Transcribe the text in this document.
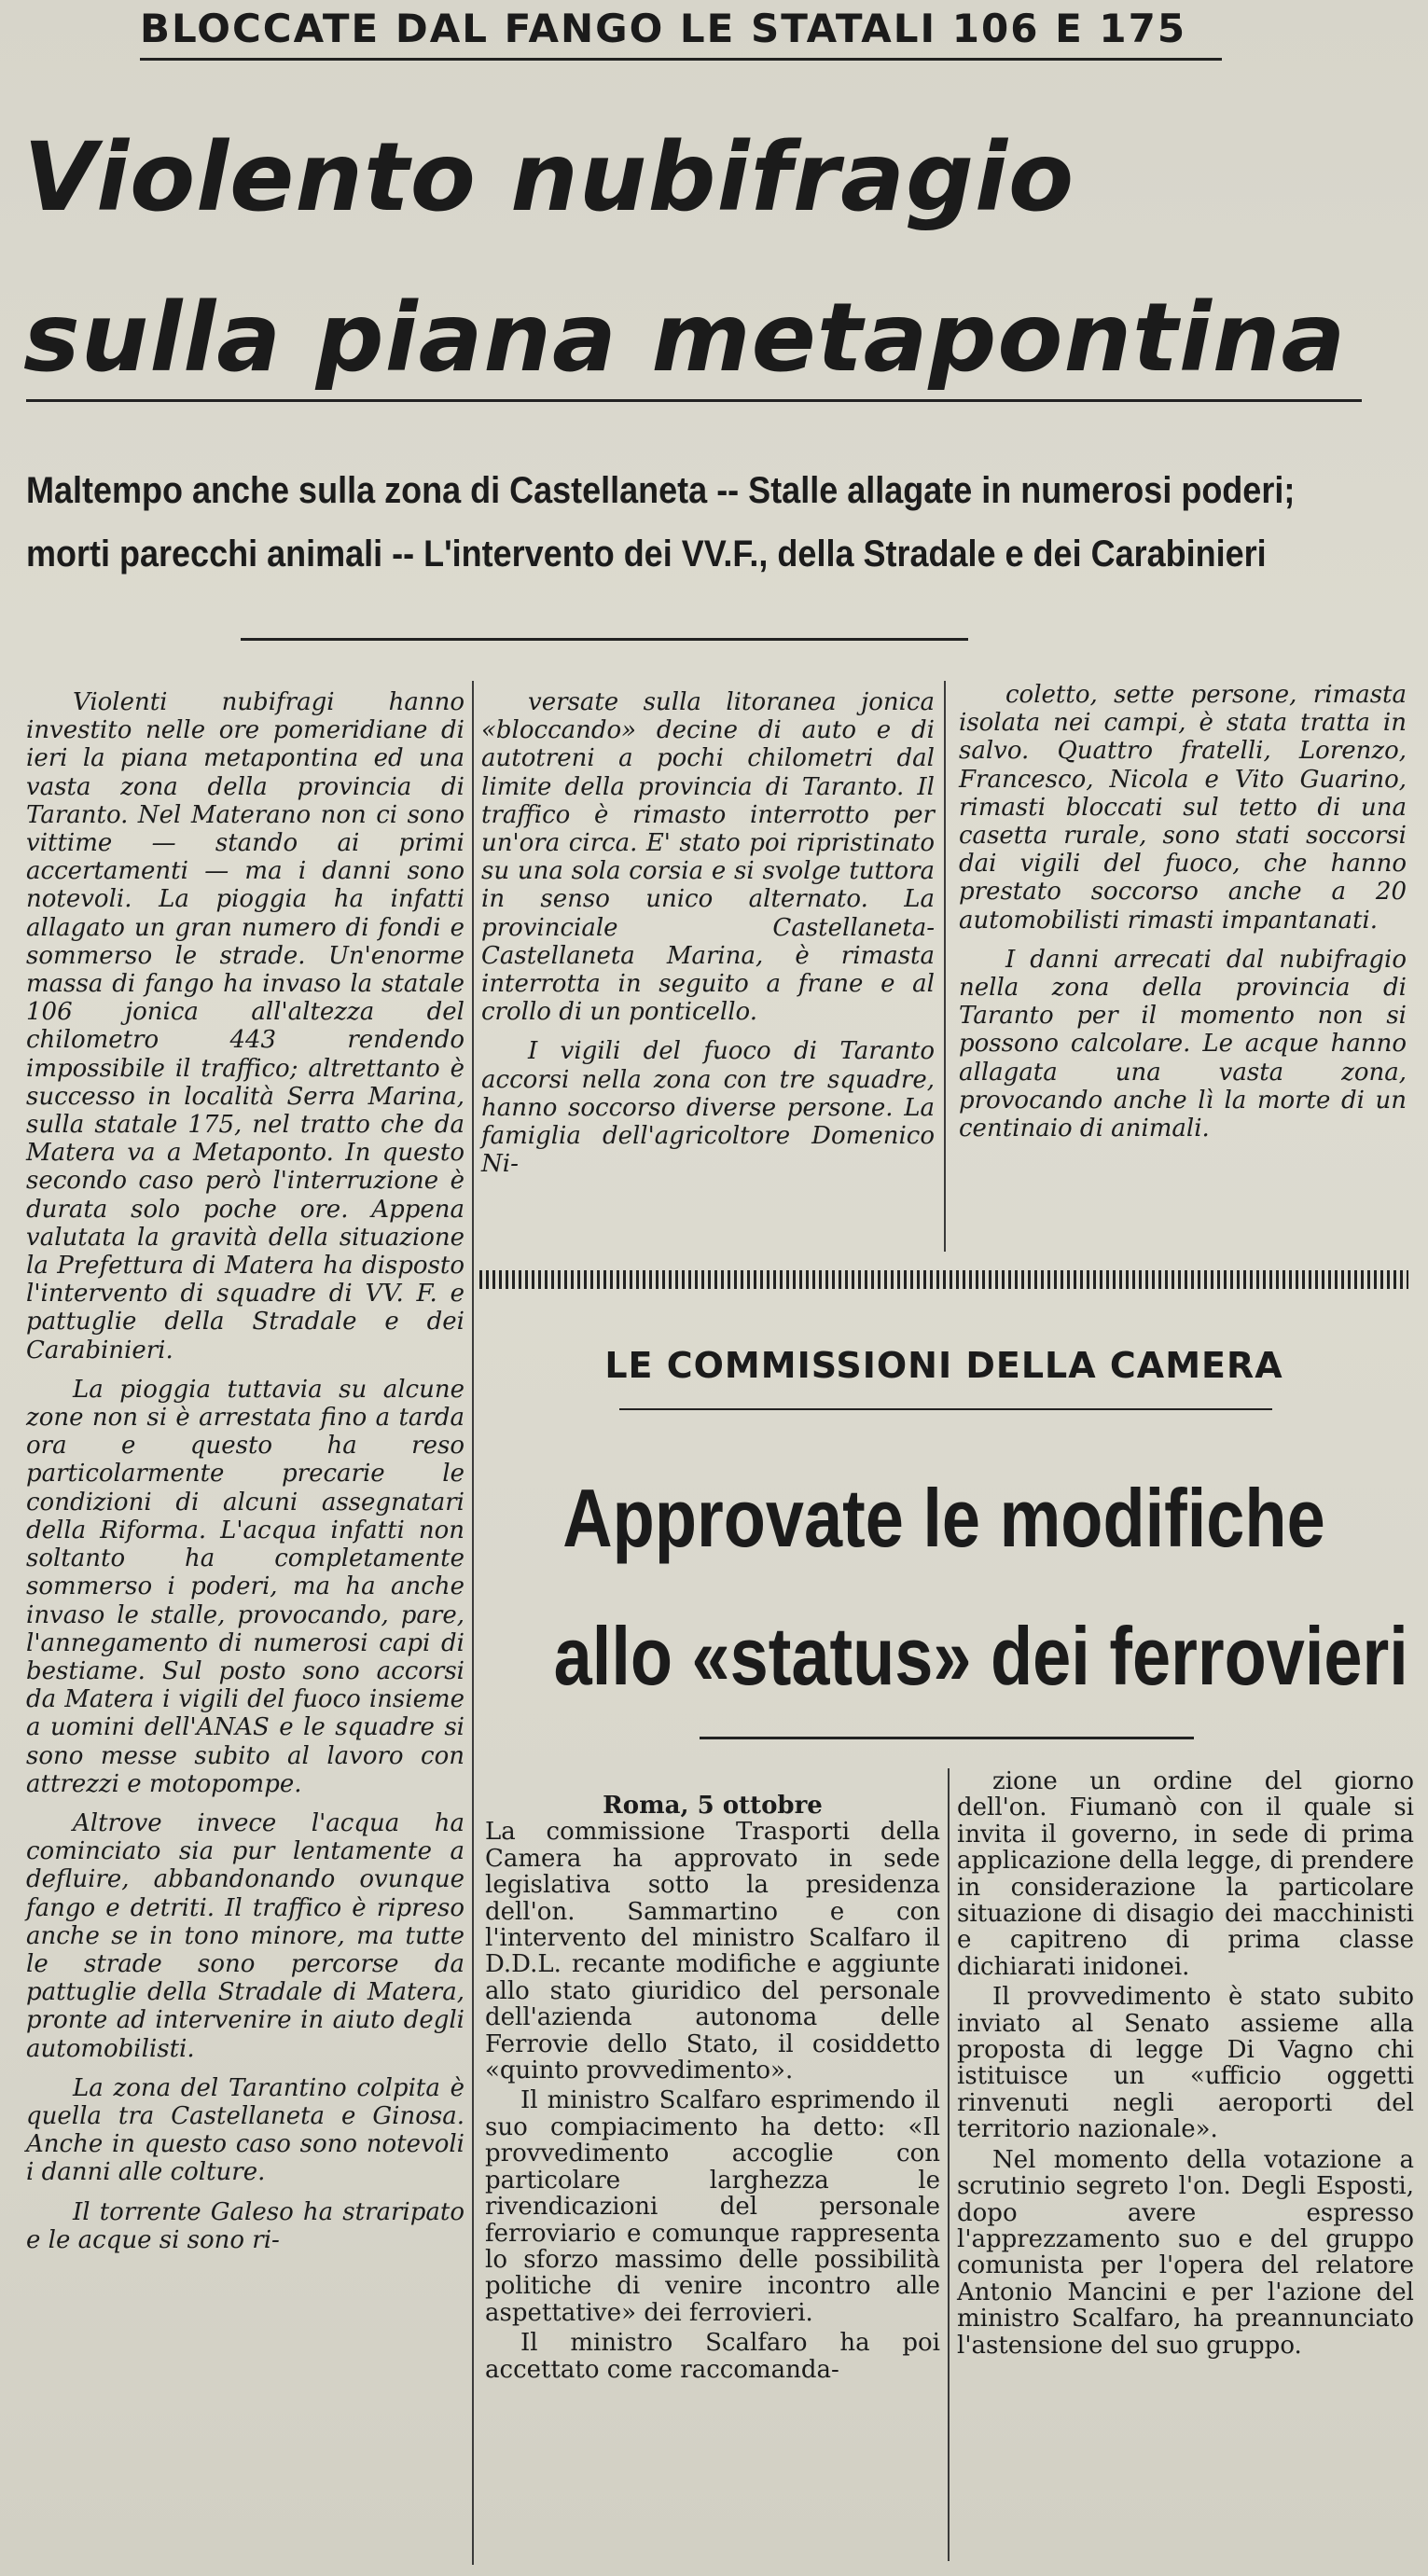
BLOCCATE DAL FANGO LE STATALI 106 E 175
Violento nubifragio
sulla piana metapontina
Maltempo anche sulla zona di Castellaneta -- Stalle allagate in numerosi poderi;
morti parecchi animali -- L'intervento dei VV.F., della Stradale e dei Carabinieri

Violenti nubifragi hanno investito nelle ore pomeridiane di ieri la piana metapontina ed una vasta zona della provincia di Taranto. Nel Materano non ci sono vittime — stando ai primi accertamenti — ma i danni sono notevoli. La pioggia ha infatti allagato un gran numero di fondi e sommerso le strade. Un'enorme massa di fango ha invaso la statale 106 jonica all'altezza del chilometro 443 rendendo impossibile il traffico; altrettanto è successo in località Serra Marina, sulla statale 175, nel tratto che da Matera va a Metaponto. In questo secondo caso però l'interruzione è durata solo poche ore. Appena valutata la gravità della situazione la Prefettura di Matera ha disposto l'intervento di squadre di VV. F. e pattuglie della Stradale e dei Carabinieri.

La pioggia tuttavia su alcune zone non si è arrestata fino a tarda ora e questo ha reso particolarmente precarie le condizioni di alcuni assegnatari della Riforma. L'acqua infatti non soltanto ha completamente sommerso i poderi, ma ha anche invaso le stalle, provocando, pare, l'annegamento di numerosi capi di bestiame. Sul posto sono accorsi da Matera i vigili del fuoco insieme a uomini dell'ANAS e le squadre si sono messe subito al lavoro con attrezzi e motopompe.

Altrove invece l'acqua ha cominciato sia pur lentamente a defluire, abbandonando ovunque fango e detriti. Il traffico è ripreso anche se in tono minore, ma tutte le strade sono percorse da pattuglie della Stradale di Matera, pronte ad intervenire in aiuto degli automobilisti.

La zona del Tarantino colpita è quella tra Castellaneta e Ginosa. Anche in questo caso sono notevoli i danni alle colture.

Il torrente Galeso ha straripato e le acque si sono ri-

versate sulla litoranea jonica «bloccando» decine di auto e di autotreni a pochi chilometri dal limite della provincia di Taranto. Il traffico è rimasto interrotto per un'ora circa. E' stato poi ripristinato su una sola corsia e si svolge tuttora in senso unico alternato. La provinciale Castellaneta-Castellaneta Marina, è rimasta interrotta in seguito a frane e al crollo di un ponticello.

I vigili del fuoco di Taranto accorsi nella zona con tre squadre, hanno soccorso diverse persone. La famiglia dell'agricoltore Domenico Ni-

coletto, sette persone, rimasta isolata nei campi, è stata tratta in salvo. Quattro fratelli, Lorenzo, Francesco, Nicola e Vito Guarino, rimasti bloccati sul tetto di una casetta rurale, sono stati soccorsi dai vigili del fuoco, che hanno prestato soccorso anche a 20 automobilisti rimasti impantanati.

I danni arrecati dal nubifragio nella zona della provincia di Taranto per il momento non si possono calcolare. Le acque hanno allagata una vasta zona, provocando anche lì la morte di un centinaio di animali.

LE COMMISSIONI DELLA CAMERA
Approvate le modifiche
allo «status» dei ferrovieri

Roma, 5 ottobre
La commissione Trasporti della Camera ha approvato in sede legislativa sotto la presidenza dell'on. Sammartino e con l'intervento del ministro Scalfaro il D.D.L. recante modifiche e aggiunte allo stato giuridico del personale dell'azienda autonoma delle Ferrovie dello Stato, il cosiddetto «quinto provvedimento».

Il ministro Scalfaro esprimendo il suo compiacimento ha detto: «Il provvedimento accoglie con particolare larghezza le rivendicazioni del personale ferroviario e comunque rappresenta lo sforzo massimo delle possibilità politiche di venire incontro alle aspettative» dei ferrovieri.

Il ministro Scalfaro ha poi accettato come raccomanda-

zione un ordine del giorno dell'on. Fiumanò con il quale si invita il governo, in sede di prima applicazione della legge, di prendere in considerazione la particolare situazione di disagio dei macchinisti e capitreno di prima classe dichiarati inidonei.

Il provvedimento è stato subito inviato al Senato assieme alla proposta di legge Di Vagno chi istituisce un «ufficio oggetti rinvenuti negli aeroporti del territorio nazionale».

Nel momento della votazione a scrutinio segreto l'on. Degli Esposti, dopo avere espresso l'apprezzamento suo e del gruppo comunista per l'opera del relatore Antonio Mancini e per l'azione del ministro Scalfaro, ha preannunciato l'astensione del suo gruppo.
